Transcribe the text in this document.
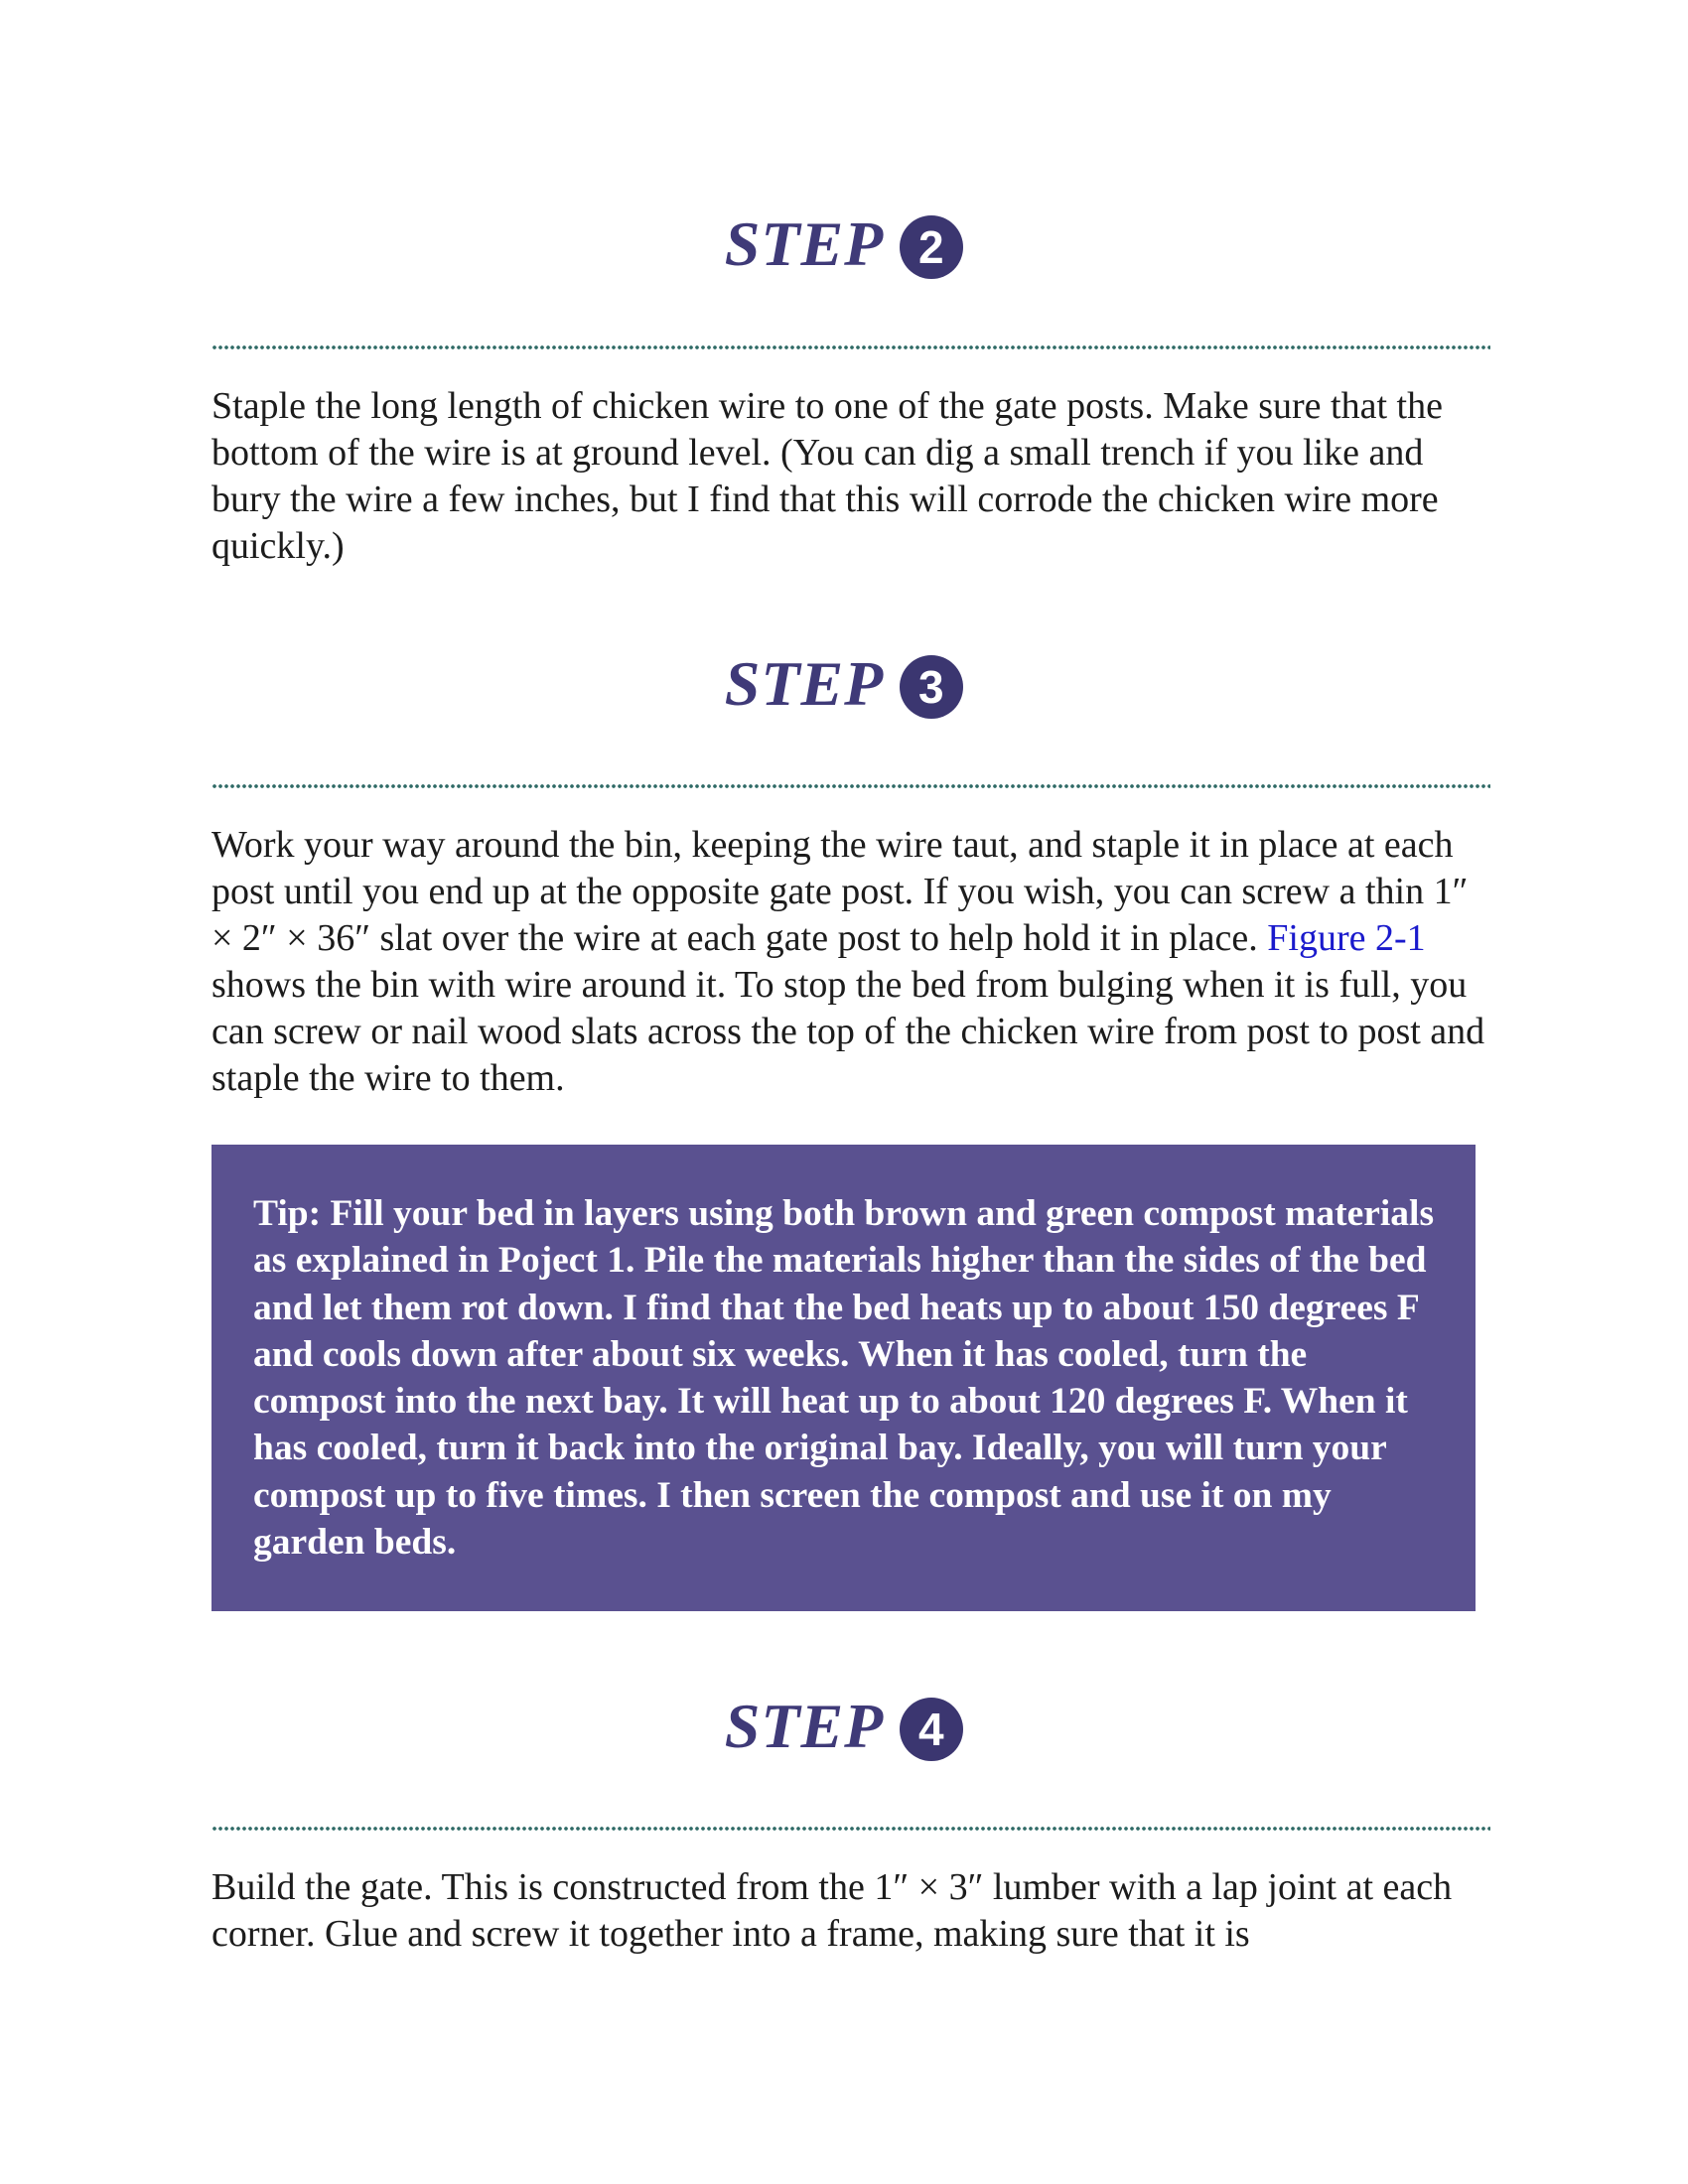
STEP 2

Staple the long length of chicken wire to one of the gate posts. Make sure that the bottom of the wire is at ground level. (You can dig a small trench if you like and bury the wire a few inches, but I find that this will corrode the chicken wire more quickly.)

STEP 3

Work your way around the bin, keeping the wire taut, and staple it in place at each post until you end up at the opposite gate post. If you wish, you can screw a thin 1″ × 2″ × 36″ slat over the wire at each gate post to help hold it in place. Figure 2-1 shows the bin with wire around it. To stop the bed from bulging when it is full, you can screw or nail wood slats across the top of the chicken wire from post to post and staple the wire to them.

Tip: Fill your bed in layers using both brown and green compost materials as explained in Poject 1. Pile the materials higher than the sides of the bed and let them rot down. I find that the bed heats up to about 150 degrees F and cools down after about six weeks. When it has cooled, turn the compost into the next bay. It will heat up to about 120 degrees F. When it has cooled, turn it back into the original bay. Ideally, you will turn your compost up to five times. I then screen the compost and use it on my garden beds.

STEP 4

Build the gate. This is constructed from the 1″ × 3″ lumber with a lap joint at each corner. Glue and screw it together into a frame, making sure that it is
